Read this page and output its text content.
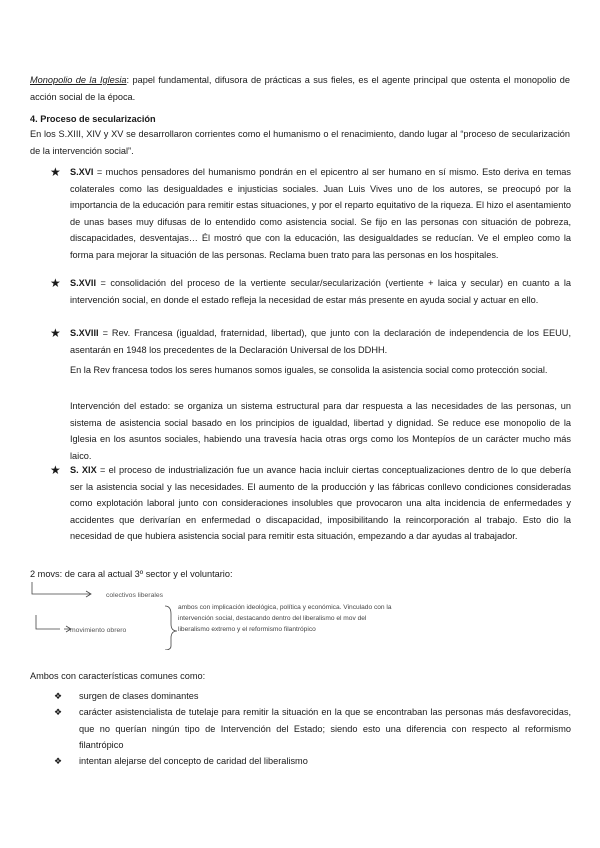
Monopolio de la Iglesia: papel fundamental, difusora de prácticas a sus fieles, es el agente principal que ostenta el monopolio de acción social de la época.

4. Proceso de secularización

En los S.XIII, XIV y XV se desarrollaron corrientes como el humanismo o el renacimiento, dando lugar al “proceso de secularización de la intervención social”.

★ S.XVI = muchos pensadores del humanismo pondrán en el epicentro al ser humano en sí mismo. Esto deriva en temas colaterales como las desigualdades e injusticias sociales. Juan Luis Vives uno de los autores, se preocupó por la importancia de la educación para remitir estas situaciones, y por el reparto equitativo de la riqueza. El hizo el asentamiento de unas bases muy difusas de lo entendido como asistencia social. Se fijo en las personas con situación de pobreza, discapacidades, desventajas… Él mostró que con la educación, las desigualdades se reducían. Ve el empleo como la forma para mejorar la situación de las personas. Reclama buen trato para las personas en los hospitales.

★ S.XVII = consolidación del proceso de la vertiente secular/secularización (vertiente + laica y secular) en cuanto a la intervención social, en donde el estado refleja la necesidad de estar más presente en ayuda social y actuar en ello.

★ S.XVIII = Rev. Francesa (igualdad, fraternidad, libertad), que junto con la declaración de independencia de los EEUU, asentarán en 1948 los precedentes de la Declaración Universal de los DDHH.

En la Rev francesa todos los seres humanos somos iguales, se consolida la asistencia social como protección social.

Intervención del estado: se organiza un sistema estructural para dar respuesta a las necesidades de las personas, un sistema de asistencia social basado en los principios de igualdad, libertad y dignidad. Se reduce ese monopolio de la Iglesia en los asuntos sociales, habiendo una travesía hacia otras orgs como los Montepíos de un carácter mucho más laico.

★ S. XIX = el proceso de industrialización fue un avance hacia incluir ciertas conceptualizaciones dentro de lo que debería ser la asistencia social y las necesidades. El aumento de la producción y las fábricas conllevo condiciones consideradas como explotación laboral junto con consideraciones insolubles que provocaron una alta incidencia de enfermedades y accidentes que derivarían en enfermedad o discapacidad, imposibilitando la reincorporación al trabajo. Esto dio la necesidad de que hubiera asistencia social para remitir esta situación, empezando a dar ayudas al trabajador.

2 movs: de cara al actual 3º sector y el voluntario:

colectivos liberales
movimiento obrero
ambos con implicación ideológica, política y económica. Vinculado con la
intervención social, destacando dentro del liberalismo el mov del
liberalismo extremo y el reformismo filantrópico

Ambos con características comunes como:

❖ surgen de clases dominantes

❖ carácter asistencialista de tutelaje para remitir la situación en la que se encontraban las personas más desfavorecidas, que no querían ningún tipo de Intervención del Estado; siendo esto una diferencia con respecto al reformismo filantrópico

❖ intentan alejarse del concepto de caridad del liberalismo
